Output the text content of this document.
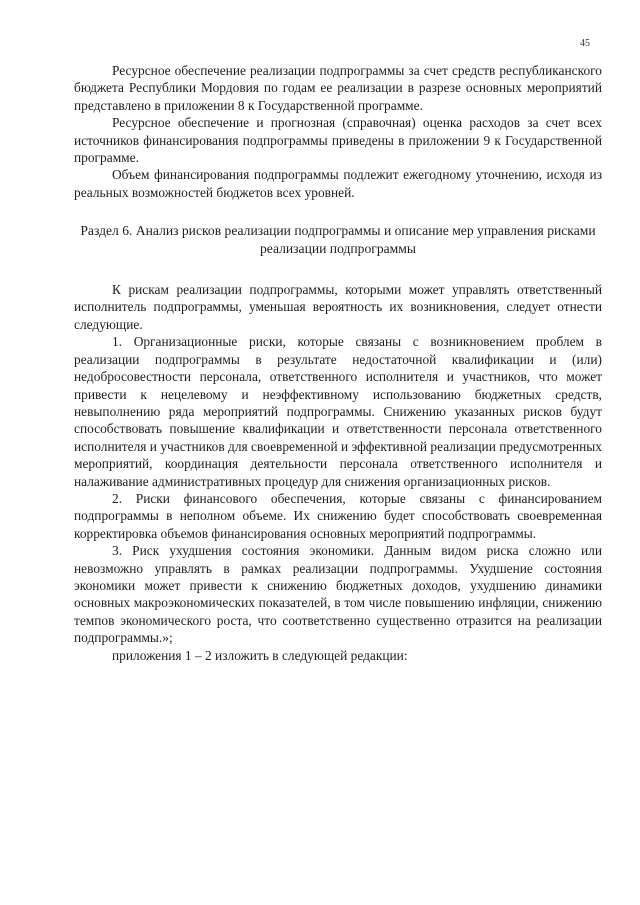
45

Ресурсное обеспечение реализации подпрограммы за счет средств республиканского бюджета Республики Мордовия по годам ее реализации в разрезе основных мероприятий представлено в приложении 8 к Государственной программе.

Ресурсное обеспечение и прогнозная (справочная) оценка расходов за счет всех источников финансирования подпрограммы приведены в приложении 9 к Государственной программе.

Объем финансирования подпрограммы подлежит ежегодному уточнению, исходя из реальных возможностей бюджетов всех уровней.

Раздел 6. Анализ рисков реализации подпрограммы и описание мер управления рисками реализации подпрограммы

К рискам реализации подпрограммы, которыми может управлять ответственный исполнитель подпрограммы, уменьшая вероятность их возникновения, следует отнести следующие.

1. Организационные риски, которые связаны с возникновением проблем в реализации подпрограммы в результате недостаточной квалификации и (или) недобросовестности персонала, ответственного исполнителя и участников, что может привести к нецелевому и неэффективному использованию бюджетных средств, невыполнению ряда мероприятий подпрограммы. Снижению указанных рисков будут способствовать повышение квалификации и ответственности персонала ответственного исполнителя и участников для своевременной и эффективной реализации предусмотренных мероприятий, координация деятельности персонала ответственного исполнителя и налаживание административных процедур для снижения организационных рисков.

2. Риски финансового обеспечения, которые связаны с финансированием подпрограммы в неполном объеме. Их снижению будет способствовать своевременная корректировка объемов финансирования основных мероприятий подпрограммы.

3. Риск ухудшения состояния экономики. Данным видом риска сложно или невозможно управлять в рамках реализации подпрограммы. Ухудшение состояния экономики может привести к снижению бюджетных доходов, ухудшению динамики основных макроэкономических показателей, в том числе повышению инфляции, снижению темпов экономического роста, что соответственно существенно отразится на реализации подпрограммы.»;

приложения 1 – 2 изложить в следующей редакции:
